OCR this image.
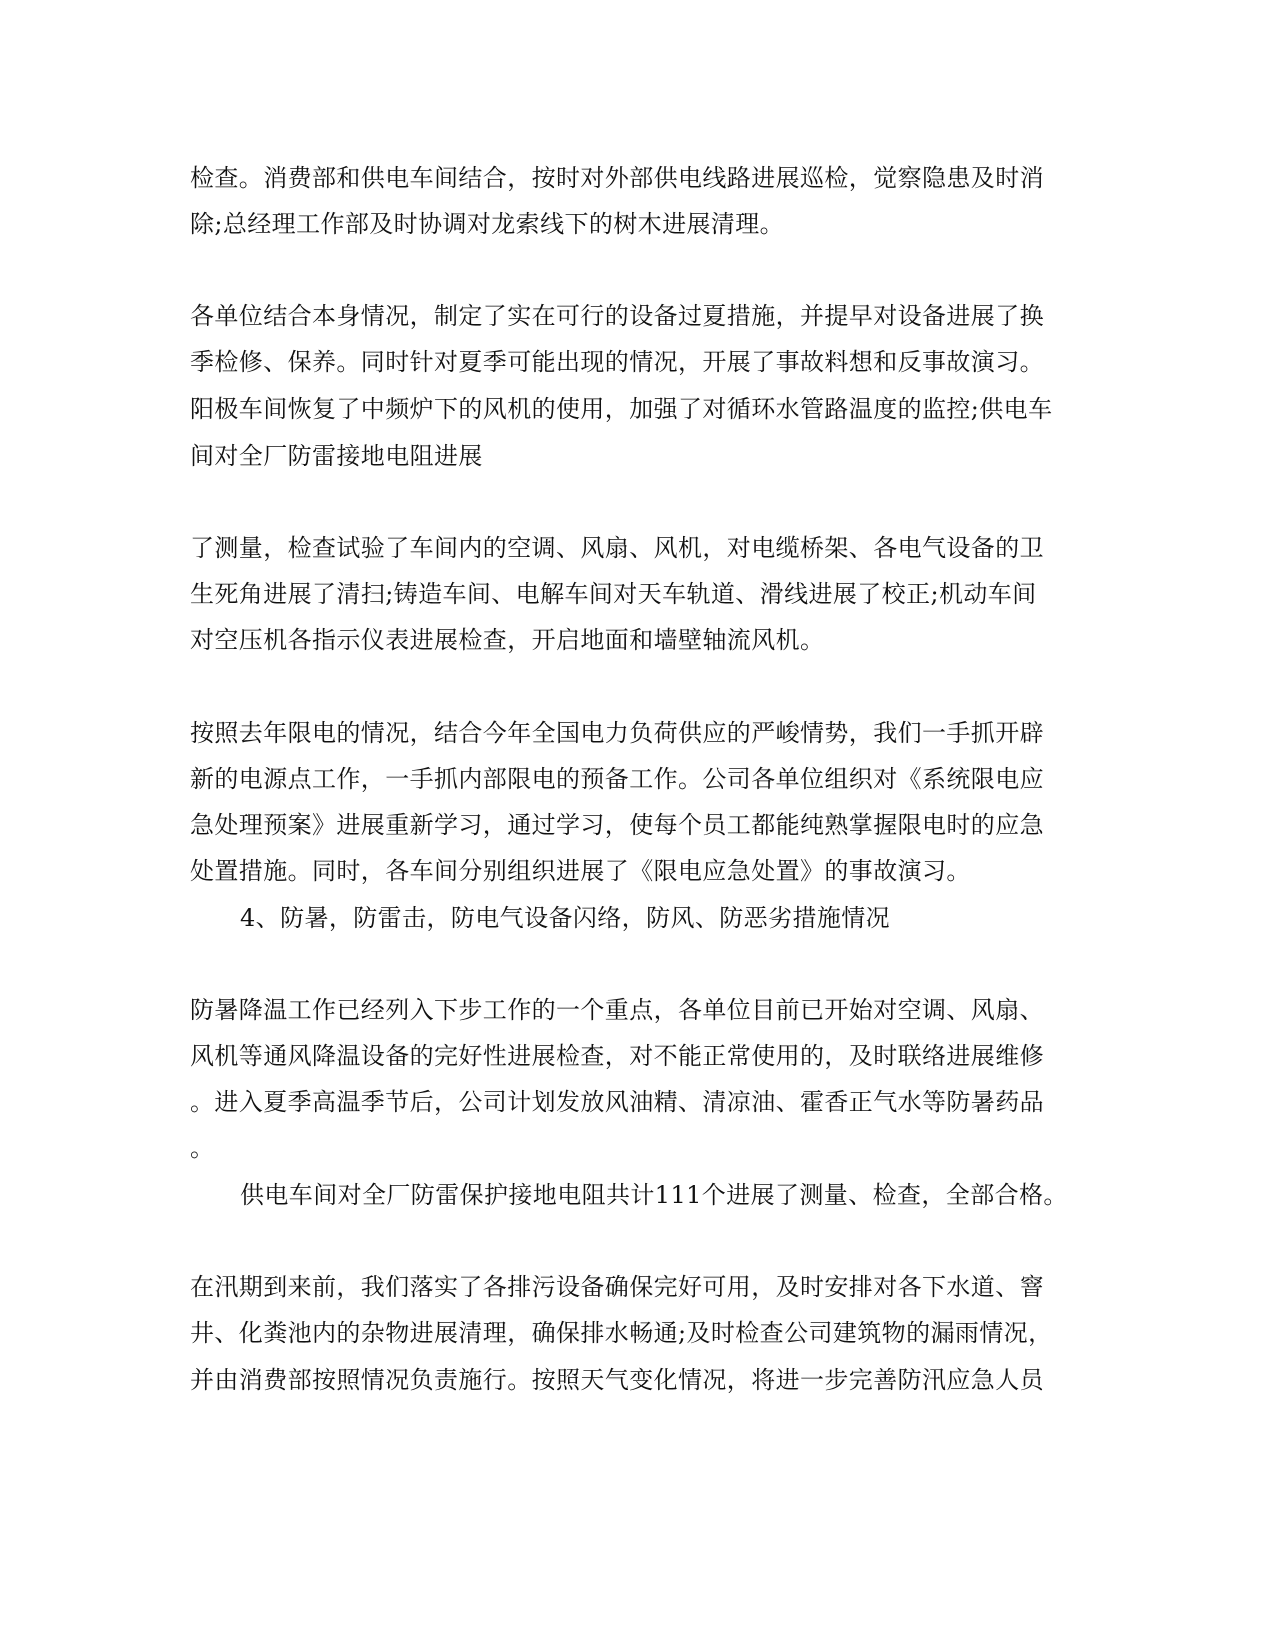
检查。消费部和供电车间结合，按时对外部供电线路进展巡检，觉察隐患及时消

除;总经理工作部及时协调对龙索线下的树木进展清理。

各单位结合本身情况，制定了实在可行的设备过夏措施，并提早对设备进展了换

季检修、保养。同时针对夏季可能出现的情况，开展了事故料想和反事故演习。

阳极车间恢复了中频炉下的风机的使用，加强了对循环水管路温度的监控;供电车

间对全厂防雷接地电阻进展

了测量，检查试验了车间内的空调、风扇、风机，对电缆桥架、各电气设备的卫

生死角进展了清扫;铸造车间、电解车间对天车轨道、滑线进展了校正;机动车间

对空压机各指示仪表进展检查，开启地面和墙壁轴流风机。

按照去年限电的情况，结合今年全国电力负荷供应的严峻情势，我们一手抓开辟

新的电源点工作，一手抓内部限电的预备工作。公司各单位组织对《系统限电应

急处理预案》进展重新学习，通过学习，使每个员工都能纯熟掌握限电时的应急

处置措施。同时，各车间分别组织进展了《限电应急处置》的事故演习。

4、防暑，防雷击，防电气设备闪络，防风、防恶劣措施情况

防暑降温工作已经列入下步工作的一个重点，各单位目前已开始对空调、风扇、

风机等通风降温设备的完好性进展检查，对不能正常使用的，及时联络进展维修

。进入夏季高温季节后，公司计划发放风油精、清凉油、霍香正气水等防暑药品

。

供电车间对全厂防雷保护接地电阻共计111个进展了测量、检查，全部合格。

在汛期到来前，我们落实了各排污设备确保完好可用，及时安排对各下水道、窨

井、化粪池内的杂物进展清理，确保排水畅通;及时检查公司建筑物的漏雨情况，

并由消费部按照情况负责施行。按照天气变化情况，将进一步完善防汛应急人员
